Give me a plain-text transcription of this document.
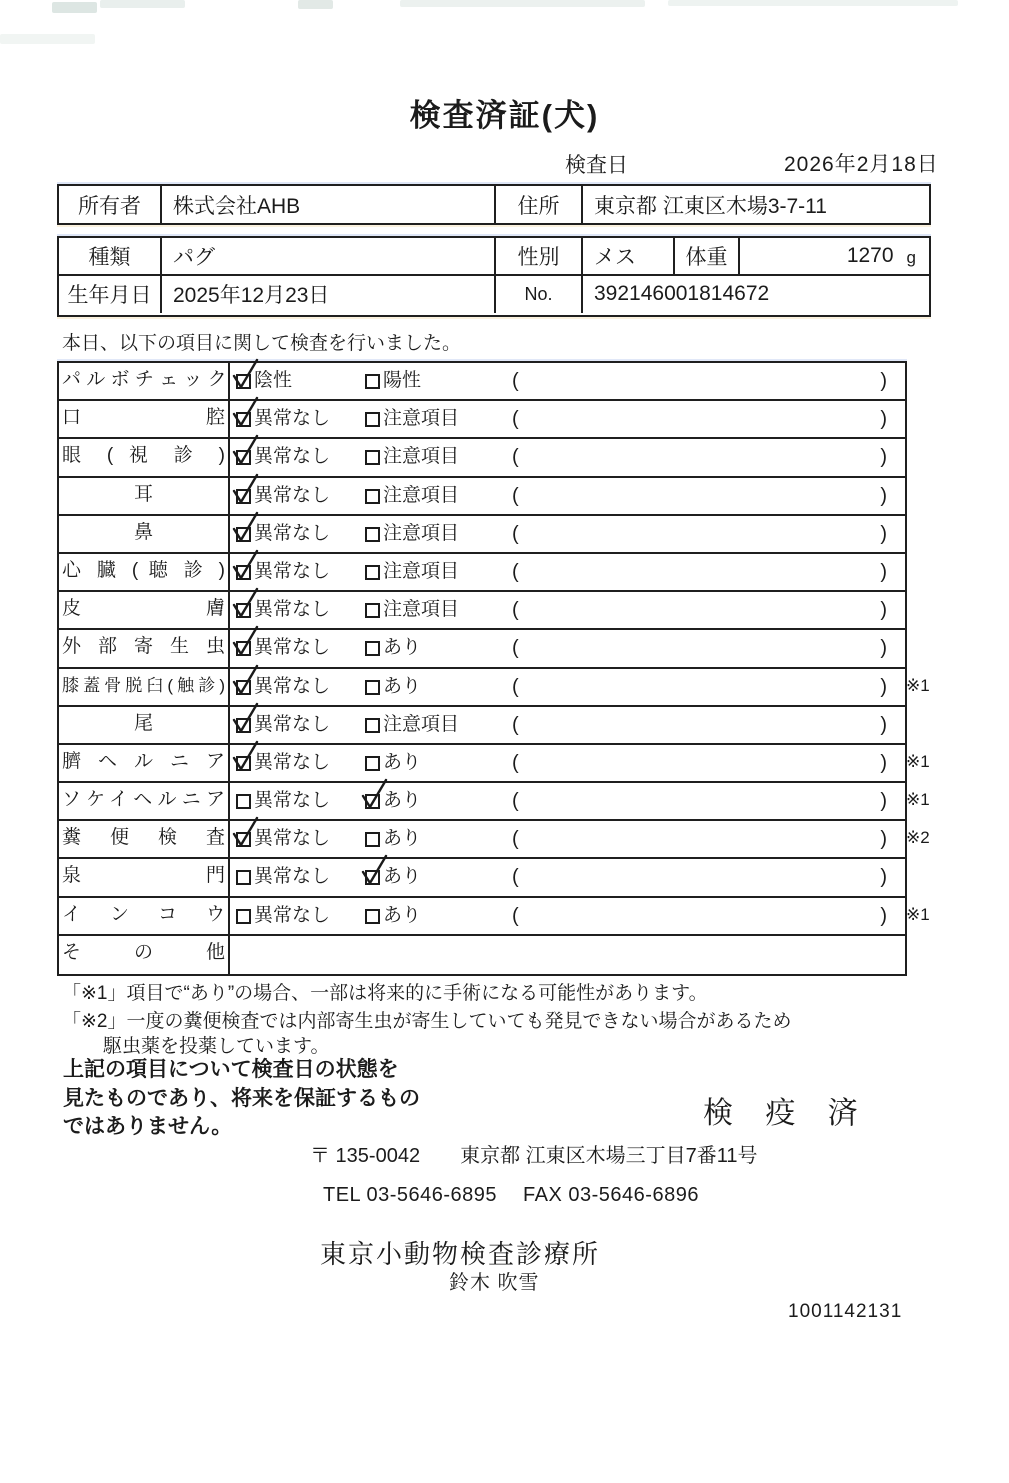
検査済証(犬)
検査日	2026年2月18日
所有者	株式会社AHB	住所	東京都 江東区木場3-7-11
種類	パグ	性別	メス	体重	1270 g
生年月日	2025年12月23日	No.	392146001814672
本日、以下の項目に関して検査を行いました。
パ ル ボ チ ェ ッ ク 陰性	陽性	(	)
口 腔 異常なし	注意項目	(	)
眼 ( 視 診 ) 異常なし	注意項目	(	)
耳	異常なし	注意項目	(	)
鼻	異常なし	注意項目	(	)
心 臓 ( 聴 診 ) 異常なし	注意項目	(	)
皮 膚 異常なし	注意項目	(	)
外 部 寄 生 虫 異常なし	あり	(	)
膝蓋骨脱臼(触診) 異常なし	あり	(	) ※1
尾	異常なし	注意項目	(	)
臍 ヘ ル ニ ア 異常なし	あり	(	) ※1
ソケイヘルニア 異常なし	あり	(	) ※1
糞 便 検 査 異常なし	あり	(	) ※2
泉 門 異常なし	あり	(	)
イ ン コ ウ 異常なし	あり	(	) ※1
そ の 他
「※1」項目で“あり”の場合、一部は将来的に手術になる可能性があります。
「※2」一度の糞便検査では内部寄生虫が寄生していても発見できない場合があるため
駆虫薬を投薬しています。
上記の項目について検査日の状態を
見たものであり、将来を保証するもの
ではありません。	検 疫 済
〒 135-0042 東京都 江東区木場三丁目7番11号
TEL 03-5646-6895 FAX 03-5646-6896
東京小動物検査診療所
鈴木 吹雪
1001142131
